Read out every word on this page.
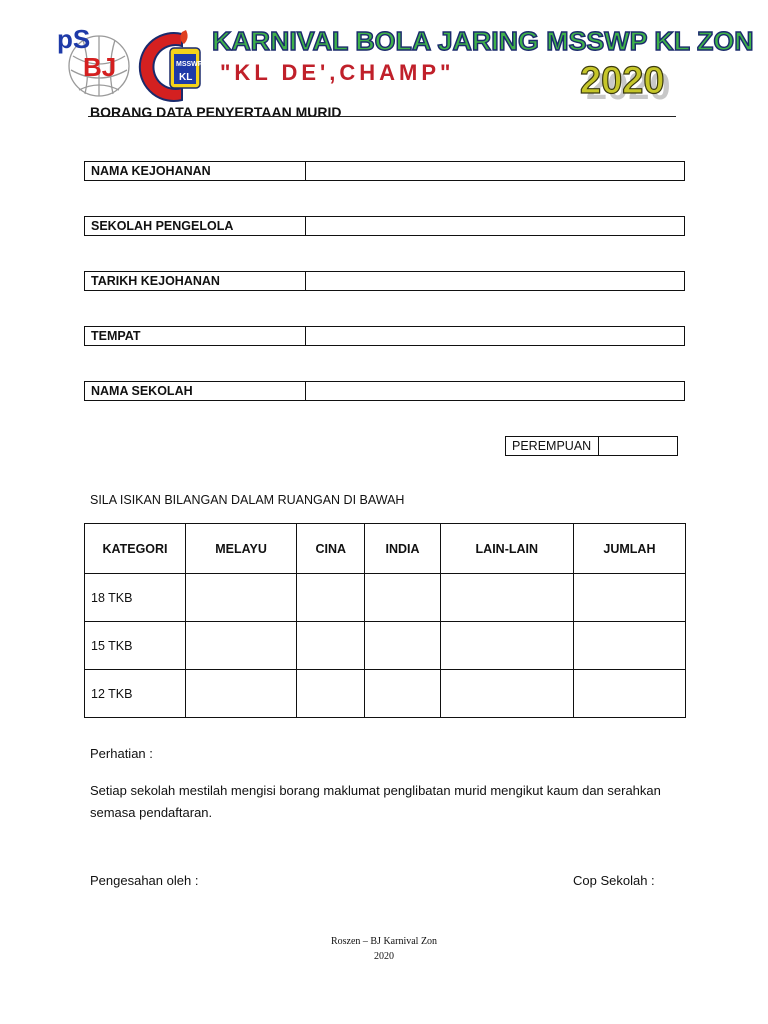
pS
BJ	MSSWP
KL
KARNIVAL BOLA JARING MSSWP KL ZON
"KL DE',CHAMP"	2020
BORANG DATA PENYERTAAN MURID
NAMA KEJOHANAN
SEKOLAH PENGELOLA
TARIKH KEJOHANAN
TEMPAT
NAMA SEKOLAH
PEREMPUAN
SILA ISIKAN BILANGAN DALAM RUANGAN DI BAWAH
KATEGORI	MELAYU	CINA	INDIA	LAIN-LAIN	JUMLAH
18 TKB					
15 TKB					
12 TKB					
Perhatian :
Setiap sekolah mestilah mengisi borang maklumat penglibatan murid mengikut kaum dan serahkan semasa pendaftaran.
Pengesahan oleh :	Cop Sekolah :
Roszen – BJ Karnival Zon
2020
